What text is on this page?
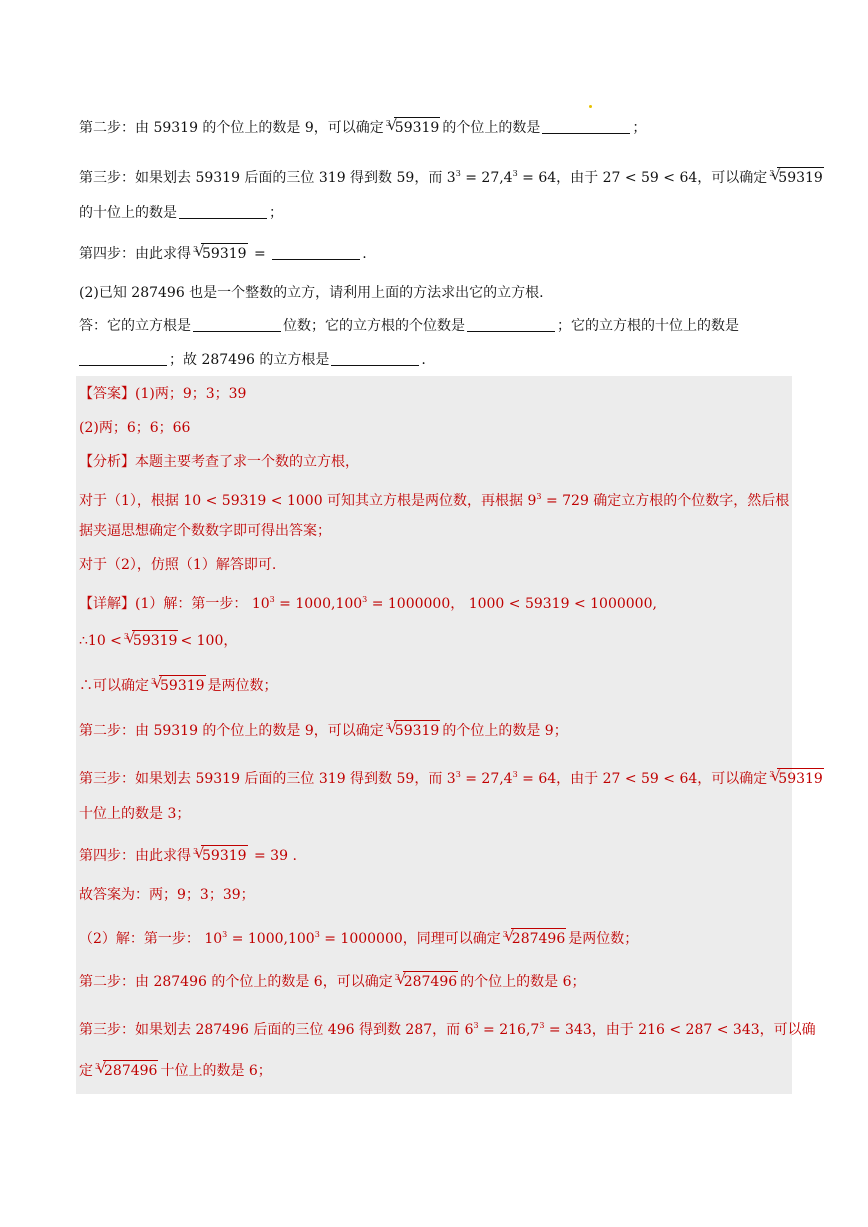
第二步：由 59319 的个位上的数是 9，可以确定 3 √ 59319 的个位上的数是	；
第三步：如果划去 59319 后面的三位 319 得到数 59，而 $3^3 = 27,4^3 = 64$，由于 27 < 59 < 64，可以确定 3 √ 59319
的十位上的数是	；
第四步：由此求得 3 √ 59319 =	.
(2)已知 287496 也是一个整数的立方，请利用上面的方法求出它的立方根.
答：它的立方根是	位数；它的立方根的个位数是	；它的立方根的十位上的数是
；故 287496 的立方根是	.
【答案】(1)两；9；3；39
(2)两；6；6；66
【分析】本题主要考查了求一个数的立方根，
对于（1），根据 10 < 59319 < 1000 可知其立方根是两位数，再根据 $9^3 = 729$ 确定立方根的个位数字，然后根
据夹逼思想确定个数数字即可得出答案；
对于（2），仿照（1）解答即可.
【详解】(1）解：第一步： $10^3 = 1000,100^3 = 1000000$， 1000 < 59319 < 1000000,
∴10 < 3 √ 59319 < 100，
∴可以确定 3 √ 59319 是两位数；
第二步：由 59319 的个位上的数是 9，可以确定 3 √ 59319 的个位上的数是 9；
第三步：如果划去 59319 后面的三位 319 得到数 59，而 $3^3 = 27,4^3 = 64$，由于 27 < 59 < 64，可以确定 3 √ 59319
十位上的数是 3；
第四步：由此求得 3 √ 59319 = 39 .
故答案为：两；9；3；39；
（2）解：第一步： $10^3 = 1000,100^3 = 1000000$，同理可以确定 3 √ 287496 是两位数；
第二步：由 287496 的个位上的数是 6，可以确定 3 √ 287496 的个位上的数是 6；
第三步：如果划去 287496 后面的三位 496 得到数 287，而 $6^3 = 216,7^3 = 343$，由于 216 < 287 < 343，可以确
定 3 √ 287496 十位上的数是 6；
